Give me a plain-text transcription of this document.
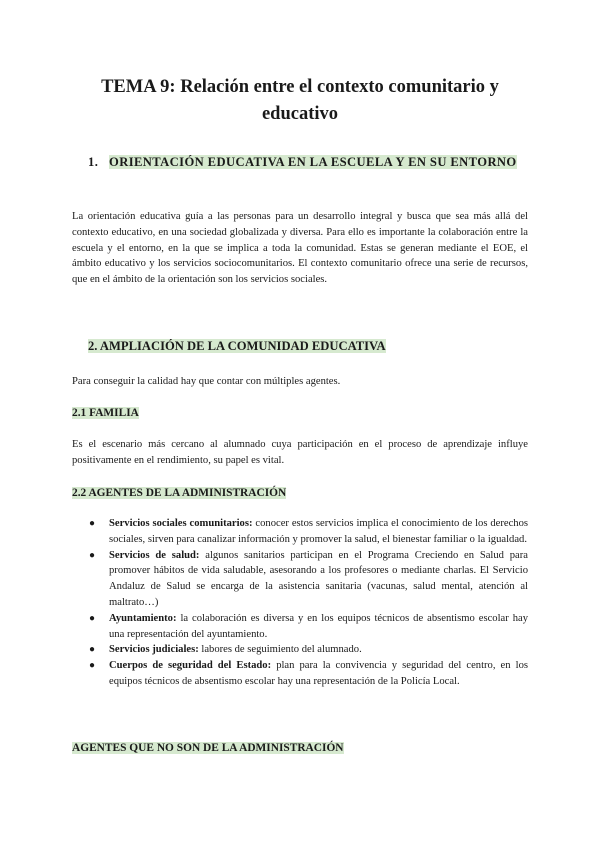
TEMA 9: Relación entre el contexto comunitario y educativo
1. ORIENTACIÓN EDUCATIVA EN LA ESCUELA Y EN SU ENTORNO

La orientación educativa guía a las personas para un desarrollo integral y busca que sea más allá del contexto educativo, en una sociedad globalizada y diversa. Para ello es importante la colaboración entre la escuela y el entorno, en la que se implica a toda la comunidad. Estas se generan mediante el EOE, el ámbito educativo y los servicios sociocomunitarios. El contexto comunitario ofrece una serie de recursos, que en el ámbito de la orientación son los servicios sociales.

2. AMPLIACIÓN DE LA COMUNIDAD EDUCATIVA

Para conseguir la calidad hay que contar con múltiples agentes.

2.1 FAMILIA

Es el escenario más cercano al alumnado cuya participación en el proceso de aprendizaje influye positivamente en el rendimiento, su papel es vital.

2.2 AGENTES DE LA ADMINISTRACIÓN
● Servicios sociales comunitarios: conocer estos servicios implica el conocimiento de los derechos sociales, sirven para canalizar información y promover la salud, el bienestar familiar o la igualdad.
● Servicios de salud: algunos sanitarios participan en el Programa Creciendo en Salud para promover hábitos de vida saludable, asesorando a los profesores o mediante charlas. El Servicio Andaluz de Salud se encarga de la asistencia sanitaria (vacunas, salud mental, atención al maltrato…)
● Ayuntamiento: la colaboración es diversa y en los equipos técnicos de absentismo escolar hay una representación del ayuntamiento.
● Servicios judiciales: labores de seguimiento del alumnado.
● Cuerpos de seguridad del Estado: plan para la convivencia y seguridad del centro, en los equipos técnicos de absentismo escolar hay una representación de la Policía Local.
AGENTES QUE NO SON DE LA ADMINISTRACIÓN
